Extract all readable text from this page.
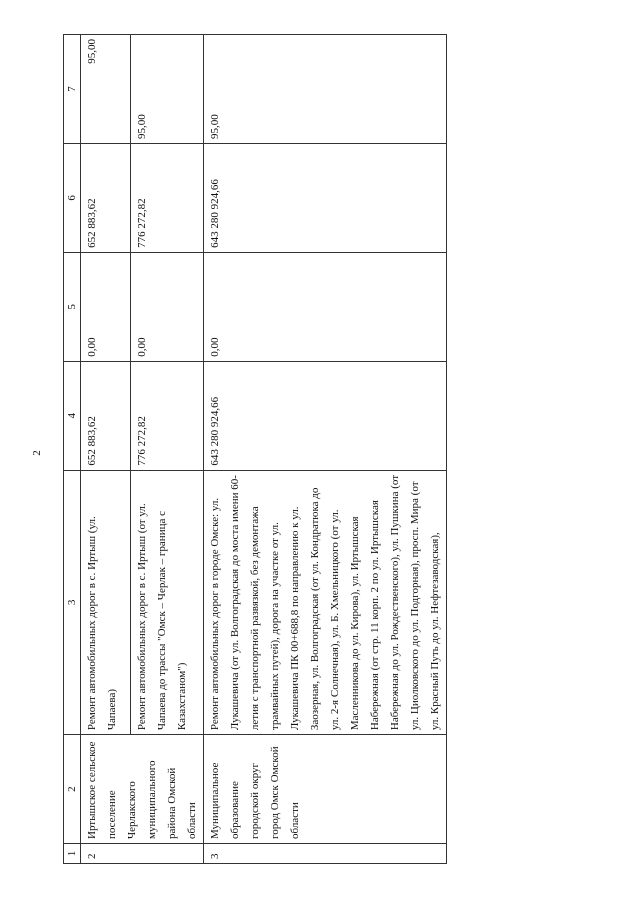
2
1	2	3	4	5	6	7
2	Иртышское сельское поселение Черлакского муниципального района Омской области	Ремонт автомобильных дорог в с. Иртыш (ул. Чапаева)	652 883,62	0,00	652 883,62	95,00
		Ремонт автомобильных дорог в с. Иртыш (от ул. Чапаева до трассы "Омск – Черлак – граница с Казахстаном")	776 272,82	0,00	776 272,82	95,00
3	Муниципальное образование городской округ город Омск Омской области	Ремонт автомобильных дорог в городе Омске: ул. Лукашевича (от ул. Волгоградская до моста имени 60-летия с транспортной развязкой, без демонтажа трамвайных путей), дорога на участке от ул. Лукашевича ПК 00+688,8 по направлению к ул. Заозерная, ул. Волгоградская (от ул. Кондратюка до ул. 2-я Солнечная), ул. Б. Хмельницкого (от ул. Масленникова до ул. Кирова), ул. Иртышская Набережная (от стр. 11 корп. 2 по ул. Иртышская Набережная до ул. Рождественского), ул. Пушкина (от ул. Циолковского до ул. Подгорная), просп. Мира (от ул. Красный Путь до ул. Нефтезаводская),	643 280 924,66	0,00	643 280 924,66	95,00
